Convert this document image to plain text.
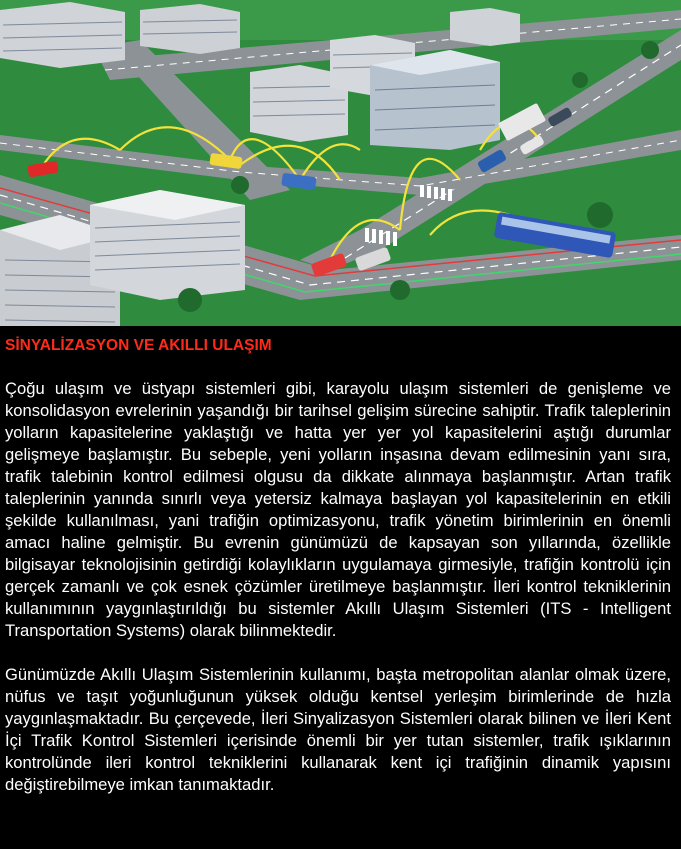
SİNYALİZASYON VE AKILLI ULAŞIM

Çoğu ulaşım ve üstyapı sistemleri gibi, karayolu ulaşım sistemleri de genişleme ve konsolidasyon evrelerinin yaşandığı bir tarihsel gelişim sürecine sahiptir. Trafik taleplerinin yolların kapasitelerine yaklaştığı ve hatta yer yer yol kapasitelerini aştığı durumlar gelişmeye başlamıştır. Bu sebeple, yeni yolların inşasına devam edilmesinin yanı sıra, trafik talebinin kontrol edilmesi olgusu da dikkate alınmaya başlanmıştır. Artan trafik taleplerinin yanında sınırlı veya yetersiz kalmaya başlayan yol kapasitelerinin en etkili şekilde kullanılması, yani trafiğin optimizasyonu, trafik yönetim birimlerinin en önemli amacı haline gelmiştir. Bu evrenin günümüzü de kapsayan son yıllarında, özellikle bilgisayar teknolojisinin getirdiği kolaylıkların uygulamaya girmesiyle, trafiğin kontrolü için gerçek zamanlı ve çok esnek çözümler üretilmeye başlanmıştır. İleri kontrol tekniklerinin kullanımının yaygınlaştırıldığı bu sistemler Akıllı Ulaşım Sistemleri (ITS - Intelligent Transportation Systems) olarak bilinmektedir.

Günümüzde Akıllı Ulaşım Sistemlerinin kullanımı, başta metropolitan alanlar olmak üzere, nüfus ve taşıt yoğunluğunun yüksek olduğu kentsel yerleşim birimlerinde de hızla yaygınlaşmaktadır. Bu çerçevede, İleri Sinyalizasyon Sistemleri olarak bilinen ve İleri Kent İçi Trafik Kontrol Sistemleri içerisinde önemli bir yer tutan sistemler, trafik ışıklarının kontrolünde ileri kontrol tekniklerini kullanarak kent içi trafiğinin dinamik yapısını değiştirebilmeye imkan tanımaktadır.
